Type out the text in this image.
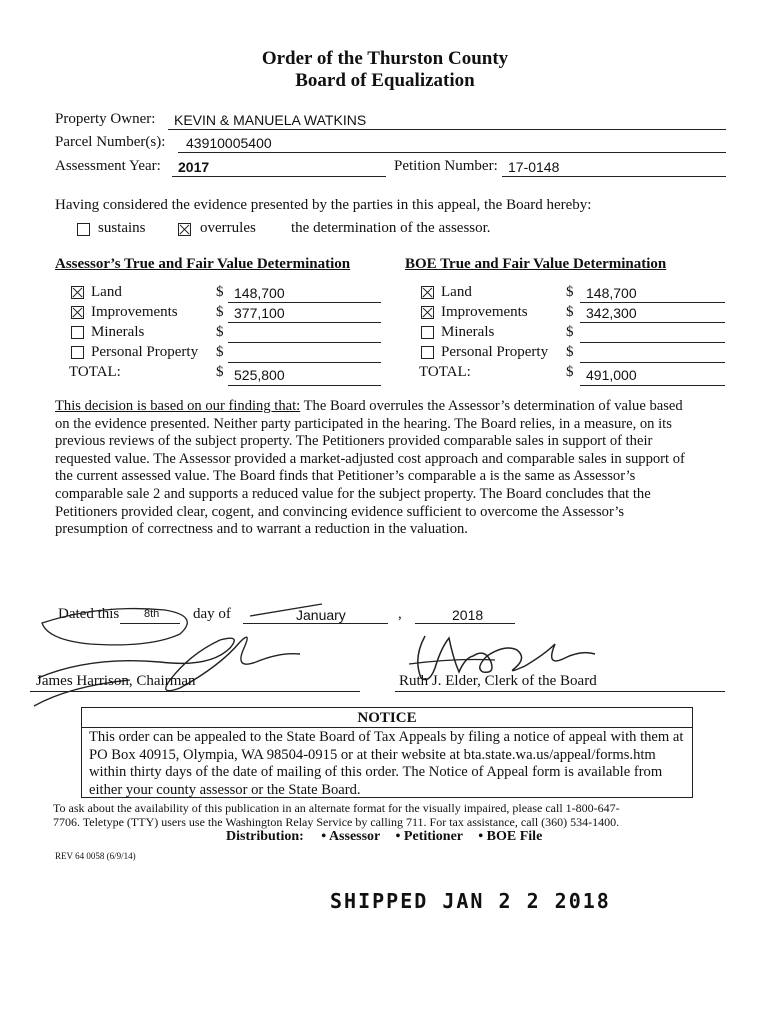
Order of the Thurston County
Board of Equalization
Property Owner: KEVIN & MANUELA WATKINS
Parcel Number(s): 43910005400
Assessment Year: 2017	Petition Number: 17-0148
Having considered the evidence presented by the parties in this appeal, the Board hereby:
sustains	overrules the determination of the assessor.
Assessor’s True and Fair Value Determination	BOE True and Fair Value Determination
Land	$ 148,700
Improvements	$ 377,100
Minerals	$
Personal Property $
TOTAL:	$ 525,800
Land	$ 148,700
Improvements	$ 342,300
Minerals	$
Personal Property $
TOTAL:	$ 491,000
This decision is based on our finding that: The Board overrules the Assessor’s determination of value based
on the evidence presented. Neither party participated in the hearing. The Board relies, in a measure, on its
previous reviews of the subject property. The Petitioners provided comparable sales in support of their
requested value. The Assessor provided a market-adjusted cost approach and comparable sales in support of
the current assessed value. The Board finds that Petitioner’s comparable a is the same as Assessor’s
comparable sale 2 and supports a reduced value for the subject property. The Board concludes that the
Petitioners provided clear, cogent, and convincing evidence sufficient to overcome the Assessor’s
presumption of correctness and to warrant a reduction in the valuation.
Dated this 8th day of	January	,	2018
James Harrison, Chairman	Ruth J. Elder, Clerk of the Board
NOTICE
This order can be appealed to the State Board of Tax Appeals by filing a notice of appeal with them at
PO Box 40915, Olympia, WA 98504-0915 or at their website at bta.state.wa.us/appeal/forms.htm
within thirty days of the date of mailing of this order. The Notice of Appeal form is available from
either your county assessor or the State Board.
To ask about the availability of this publication in an alternate format for the visually impaired, please call 1-800-647-
7706. Teletype (TTY) users use the Washington Relay Service by calling 711. For tax assistance, call (360) 534-1400.
Distribution: • Assessor • Petitioner • BOE File
REV 64 0058 (6/9/14)
SHIPPED JAN 2 2 2018
